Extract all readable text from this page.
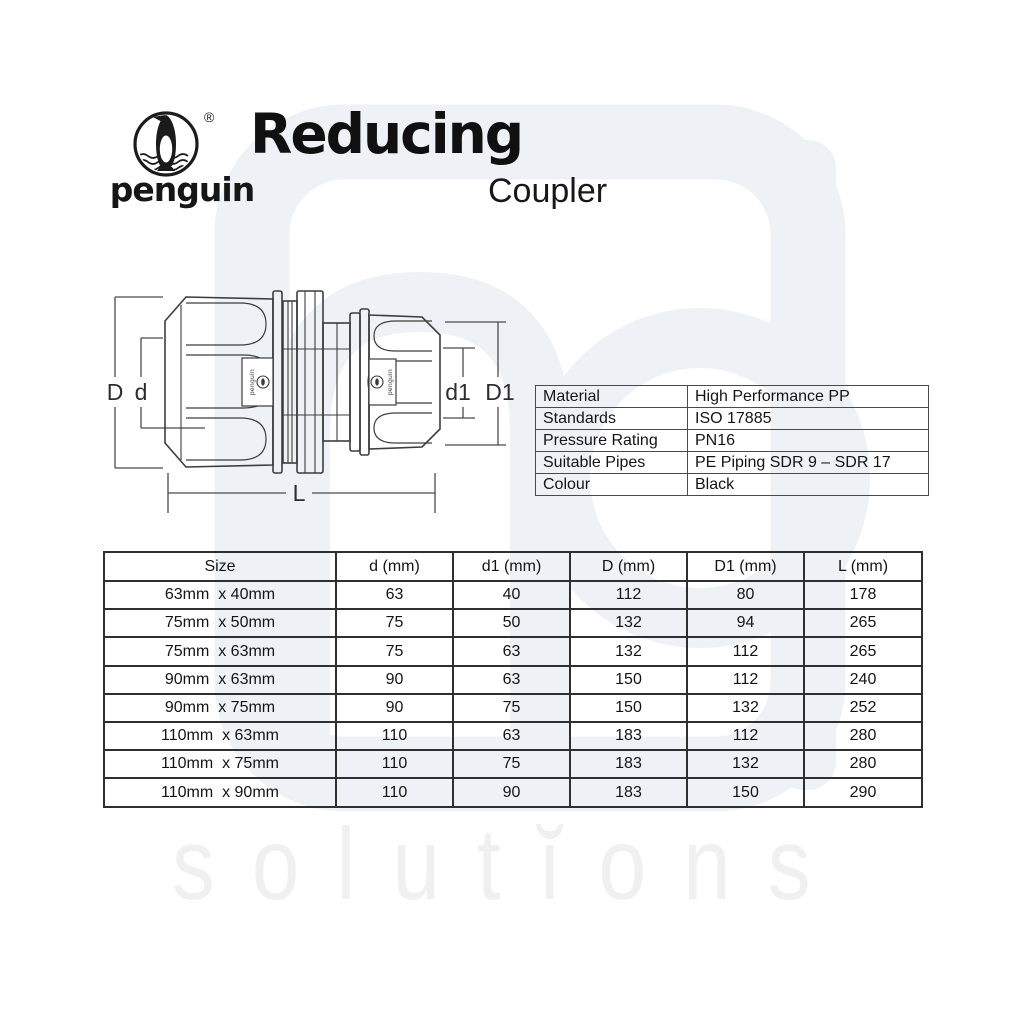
solutĭons
®
penguin
Reducing
Coupler
D d	d1 D1
L
penguin	penguin
Material	High Performance PP
Standards	ISO 17885
Pressure Rating	PN16
Suitable Pipes	PE Piping SDR 9 – SDR 17
Colour	Black
Size	d (mm)	d1 (mm)	D (mm)	D1 (mm)	L (mm)
63mm  x 40mm	63	40	112	80	178
75mm  x 50mm	75	50	132	94	265
75mm  x 63mm	75	63	132	112	265
90mm  x 63mm	90	63	150	112	240
90mm  x 75mm	90	75	150	132	252
110mm  x 63mm	110	63	183	112	280
110mm  x 75mm	110	75	183	132	280
110mm  x 90mm	110	90	183	150	290
